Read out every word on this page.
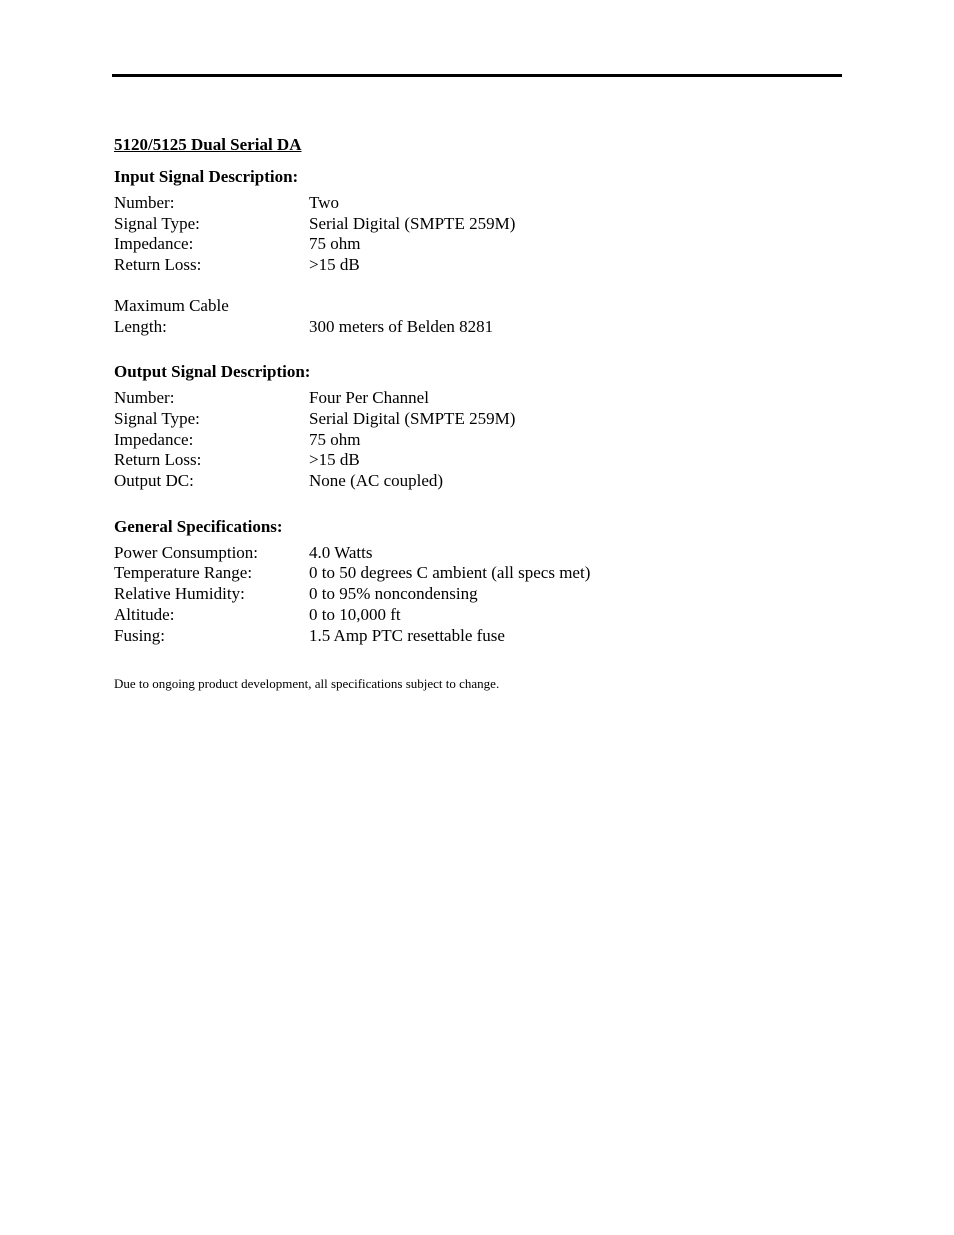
5120/5125 Dual Serial DA
Input Signal Description:
Number:	Two
Signal Type:	Serial Digital (SMPTE 259M)
Impedance:	75 ohm
Return Loss:	>15 dB
Maximum Cable
Length:	300 meters of Belden 8281
Output Signal Description:
Number:	Four Per Channel
Signal Type:	Serial Digital (SMPTE 259M)
Impedance:	75 ohm
Return Loss:	>15 dB
Output DC:	None (AC coupled)
General Specifications:
Power Consumption:	4.0 Watts
Temperature Range:	0 to 50 degrees C ambient (all specs met)
Relative Humidity:	0 to 95% noncondensing
Altitude:	0 to 10,000 ft
Fusing:	1.5 Amp PTC resettable fuse
Due to ongoing product development, all specifications subject to change.
